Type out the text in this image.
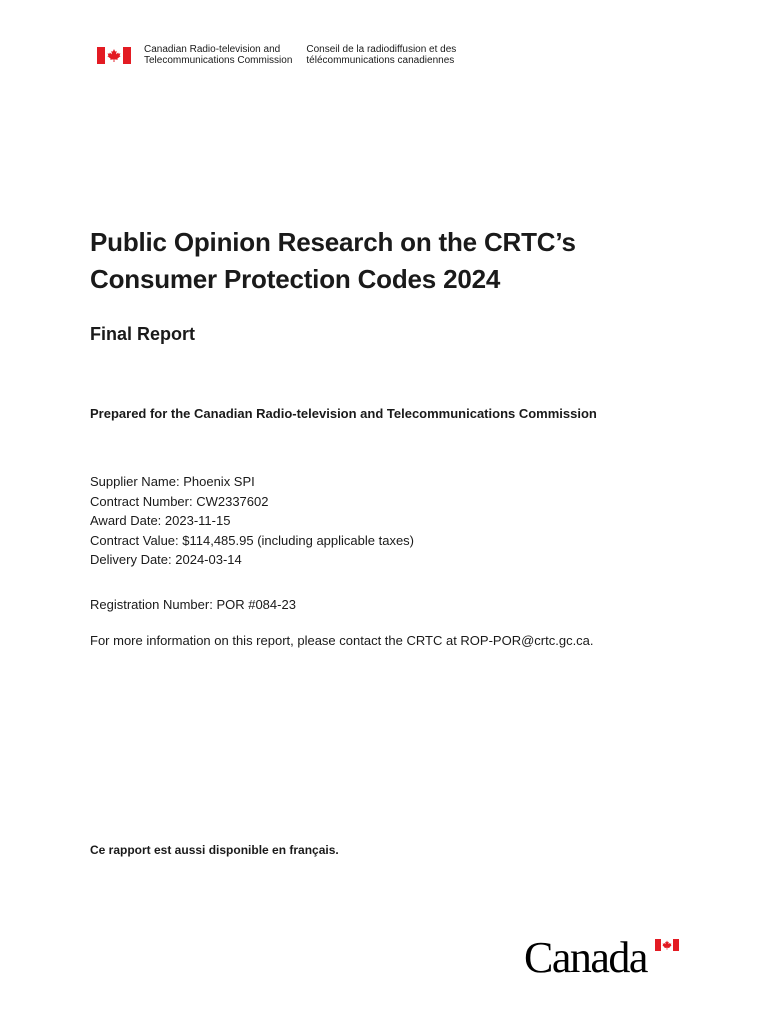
Canadian Radio-television and
Telecommunications Commission
Conseil de la radiodiffusion et des
télécommunications canadiennes
Public Opinion Research on the CRTC’s
Consumer Protection Codes 2024
Final Report
Prepared for the Canadian Radio-television and Telecommunications Commission
Supplier Name: Phoenix SPI
Contract Number: CW2337602
Award Date: 2023-11-15
Contract Value: $114,485.95 (including applicable taxes)
Delivery Date: 2024-03-14
Registration Number: POR #084-23
For more information on this report, please contact the CRTC at ROP-POR@crtc.gc.ca.
Ce rapport est aussi disponible en français.
Canada
